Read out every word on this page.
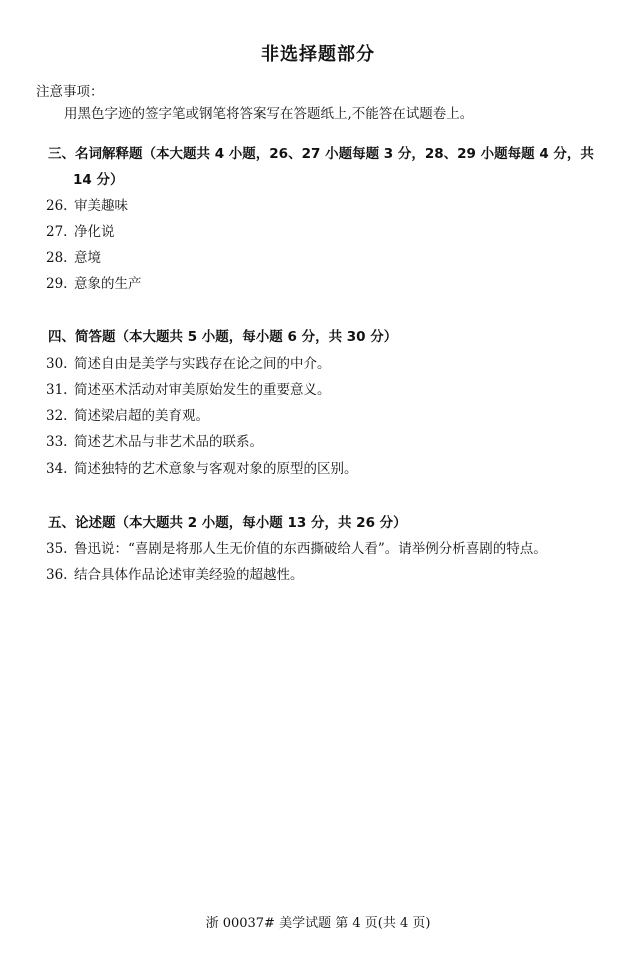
非选择题部分
注意事项：
用黑色字迹的签字笔或钢笔将答案写在答题纸上,不能答在试题卷上。
三、名词解释题（本大题共 4 小题，26、27 小题每题 3 分，28、29 小题每题 4 分，共
14 分）
26. 审美趣味
27. 净化说
28. 意境
29. 意象的生产
四、简答题（本大题共 5 小题，每小题 6 分，共 30 分）
30. 简述自由是美学与实践存在论之间的中介。
31. 简述巫术活动对审美原始发生的重要意义。
32. 简述梁启超的美育观。
33. 简述艺术品与非艺术品的联系。
34. 简述独特的艺术意象与客观对象的原型的区别。
五、论述题（本大题共 2 小题，每小题 13 分，共 26 分）
35. 鲁迅说：“喜剧是将那人生无价值的东西撕破给人看”。请举例分析喜剧的特点。
36. 结合具体作品论述审美经验的超越性。
浙 00037# 美学试题 第 4 页(共 4 页)
